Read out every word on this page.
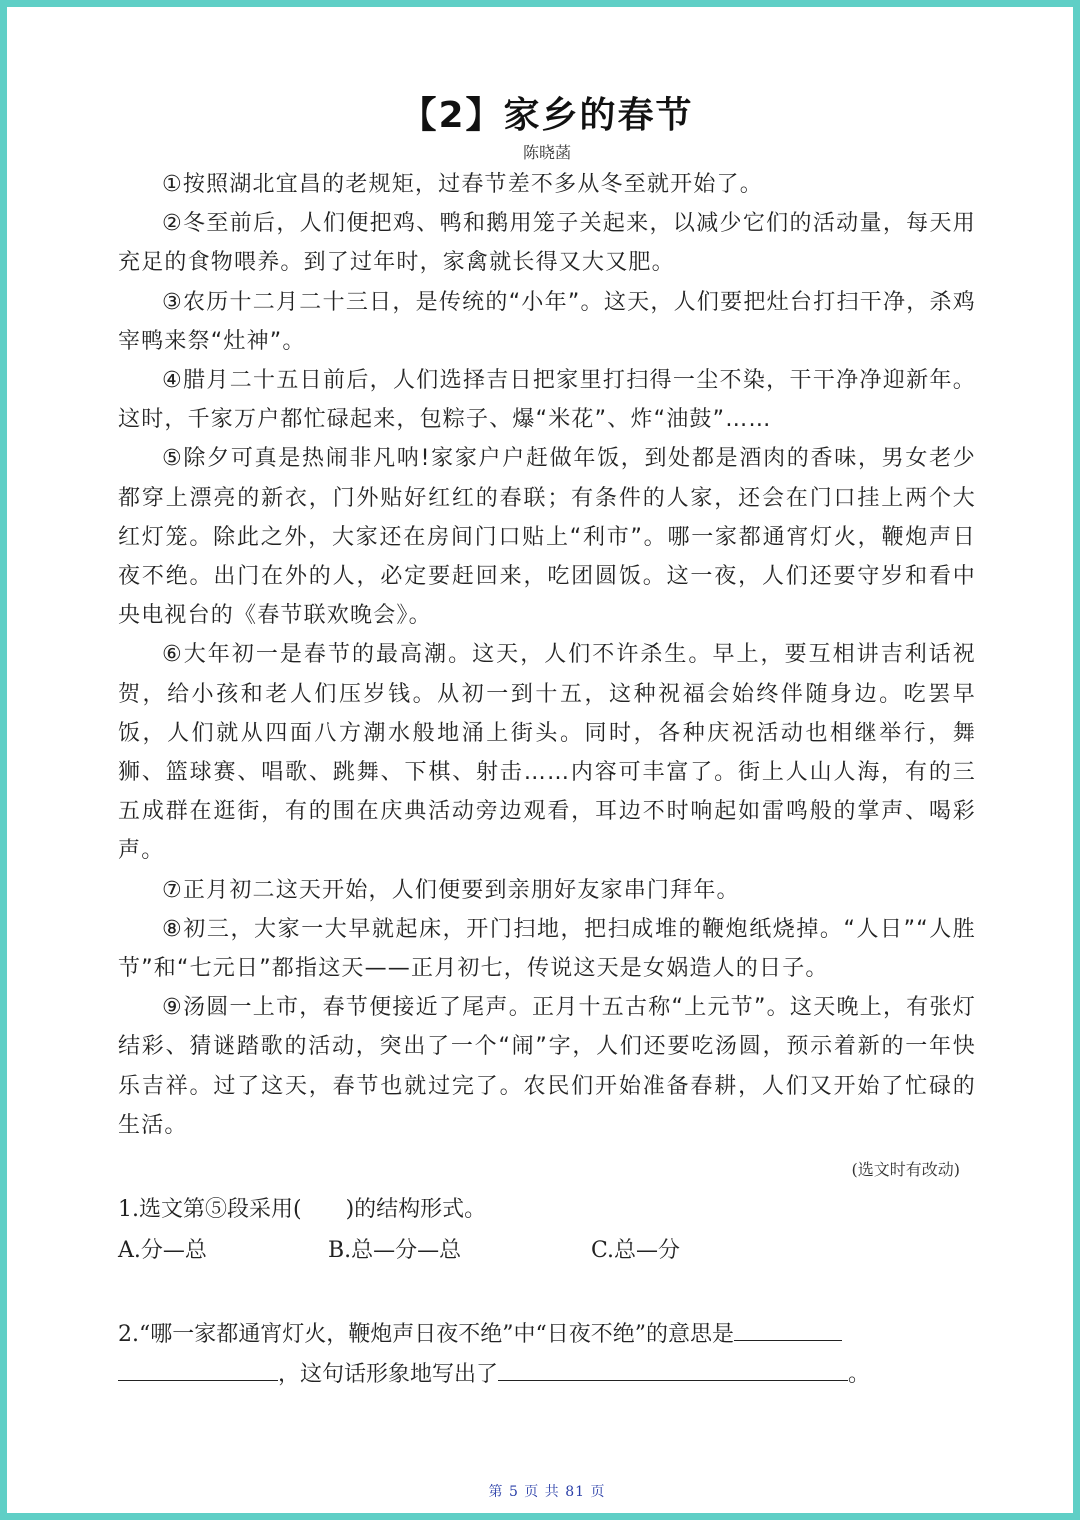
【2】家乡的春节
陈晓菡

①按照湖北宜昌的老规矩，过春节差不多从冬至就开始了。

②冬至前后，人们便把鸡、鸭和鹅用笼子关起来，以减少它们的活动量，每天用充足的食物喂养。到了过年时，家禽就长得又大又肥。

③农历十二月二十三日，是传统的“小年”。这天，人们要把灶台打扫干净，杀鸡宰鸭来祭“灶神”。

④腊月二十五日前后，人们选择吉日把家里打扫得一尘不染，干干净净迎新年。这时，千家万户都忙碌起来，包粽子、爆“米花”、炸“油鼓”……

⑤除夕可真是热闹非凡呐!家家户户赶做年饭，到处都是酒肉的香味，男女老少都穿上漂亮的新衣，门外贴好红红的春联；有条件的人家，还会在门口挂上两个大红灯笼。除此之外，大家还在房间门口贴上“利市”。哪一家都通宵灯火，鞭炮声日夜不绝。出门在外的人，必定要赶回来，吃团圆饭。这一夜，人们还要守岁和看中央电视台的《春节联欢晚会》。

⑥大年初一是春节的最高潮。这天，人们不许杀生。早上，要互相讲吉利话祝贺，给小孩和老人们压岁钱。从初一到十五，这种祝福会始终伴随身边。吃罢早饭，人们就从四面八方潮水般地涌上街头。同时，各种庆祝活动也相继举行，舞狮、篮球赛、唱歌、跳舞、下棋、射击……内容可丰富了。街上人山人海，有的三五成群在逛街，有的围在庆典活动旁边观看，耳边不时响起如雷鸣般的掌声、喝彩声。

⑦正月初二这天开始，人们便要到亲朋好友家串门拜年。

⑧初三，大家一大早就起床，开门扫地，把扫成堆的鞭炮纸烧掉。“人日”“人胜节”和“七元日”都指这天——正月初七，传说这天是女娲造人的日子。

⑨汤圆一上市，春节便接近了尾声。正月十五古称“上元节”。这天晚上，有张灯结彩、猜谜踏歌的活动，突出了一个“闹”字，人们还要吃汤圆，预示着新的一年快乐吉祥。过了这天，春节也就过完了。农民们开始准备春耕，人们又开始了忙碌的生活。

(选文时有改动)
1.选文第⑤段采用(　　)的结构形式。
A.分—总	B.总—分—总	C.总—分
2.“哪一家都通宵灯火，鞭炮声日夜不绝”中“日夜不绝”的意思是
，这句话形象地写出了	。
第 5 页 共 81 页
